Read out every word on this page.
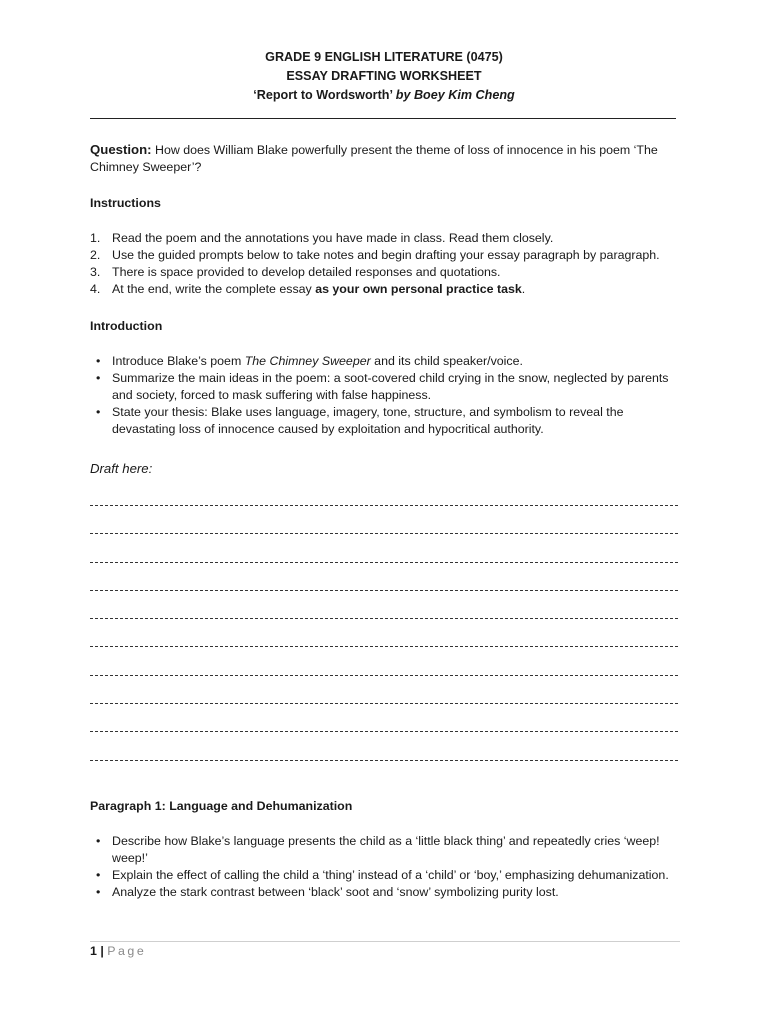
GRADE 9 ENGLISH LITERATURE (0475)
ESSAY DRAFTING WORKSHEET
‘Report to Wordsworth’ by Boey Kim Cheng
Question: How does William Blake powerfully present the theme of loss of innocence in his poem ‘The Chimney Sweeper’?
Instructions
1. Read the poem and the annotations you have made in class. Read them closely.
2. Use the guided prompts below to take notes and begin drafting your essay paragraph by paragraph.
3. There is space provided to develop detailed responses and quotations.
4. At the end, write the complete essay as your own personal practice task.
Introduction
• Introduce Blake’s poem The Chimney Sweeper and its child speaker/voice.
• Summarize the main ideas in the poem: a soot-covered child crying in the snow, neglected by parents and society, forced to mask suffering with false happiness.
• State your thesis: Blake uses language, imagery, tone, structure, and symbolism to reveal the devastating loss of innocence caused by exploitation and hypocritical authority.
Draft here:
Paragraph 1: Language and Dehumanization
• Describe how Blake’s language presents the child as a ‘little black thing’ and repeatedly cries ‘weep! weep!’
• Explain the effect of calling the child a ‘thing’ instead of a ‘child’ or ‘boy,’ emphasizing dehumanization.
• Analyze the stark contrast between ‘black’ soot and ‘snow’ symbolizing purity lost.
1 | Page
